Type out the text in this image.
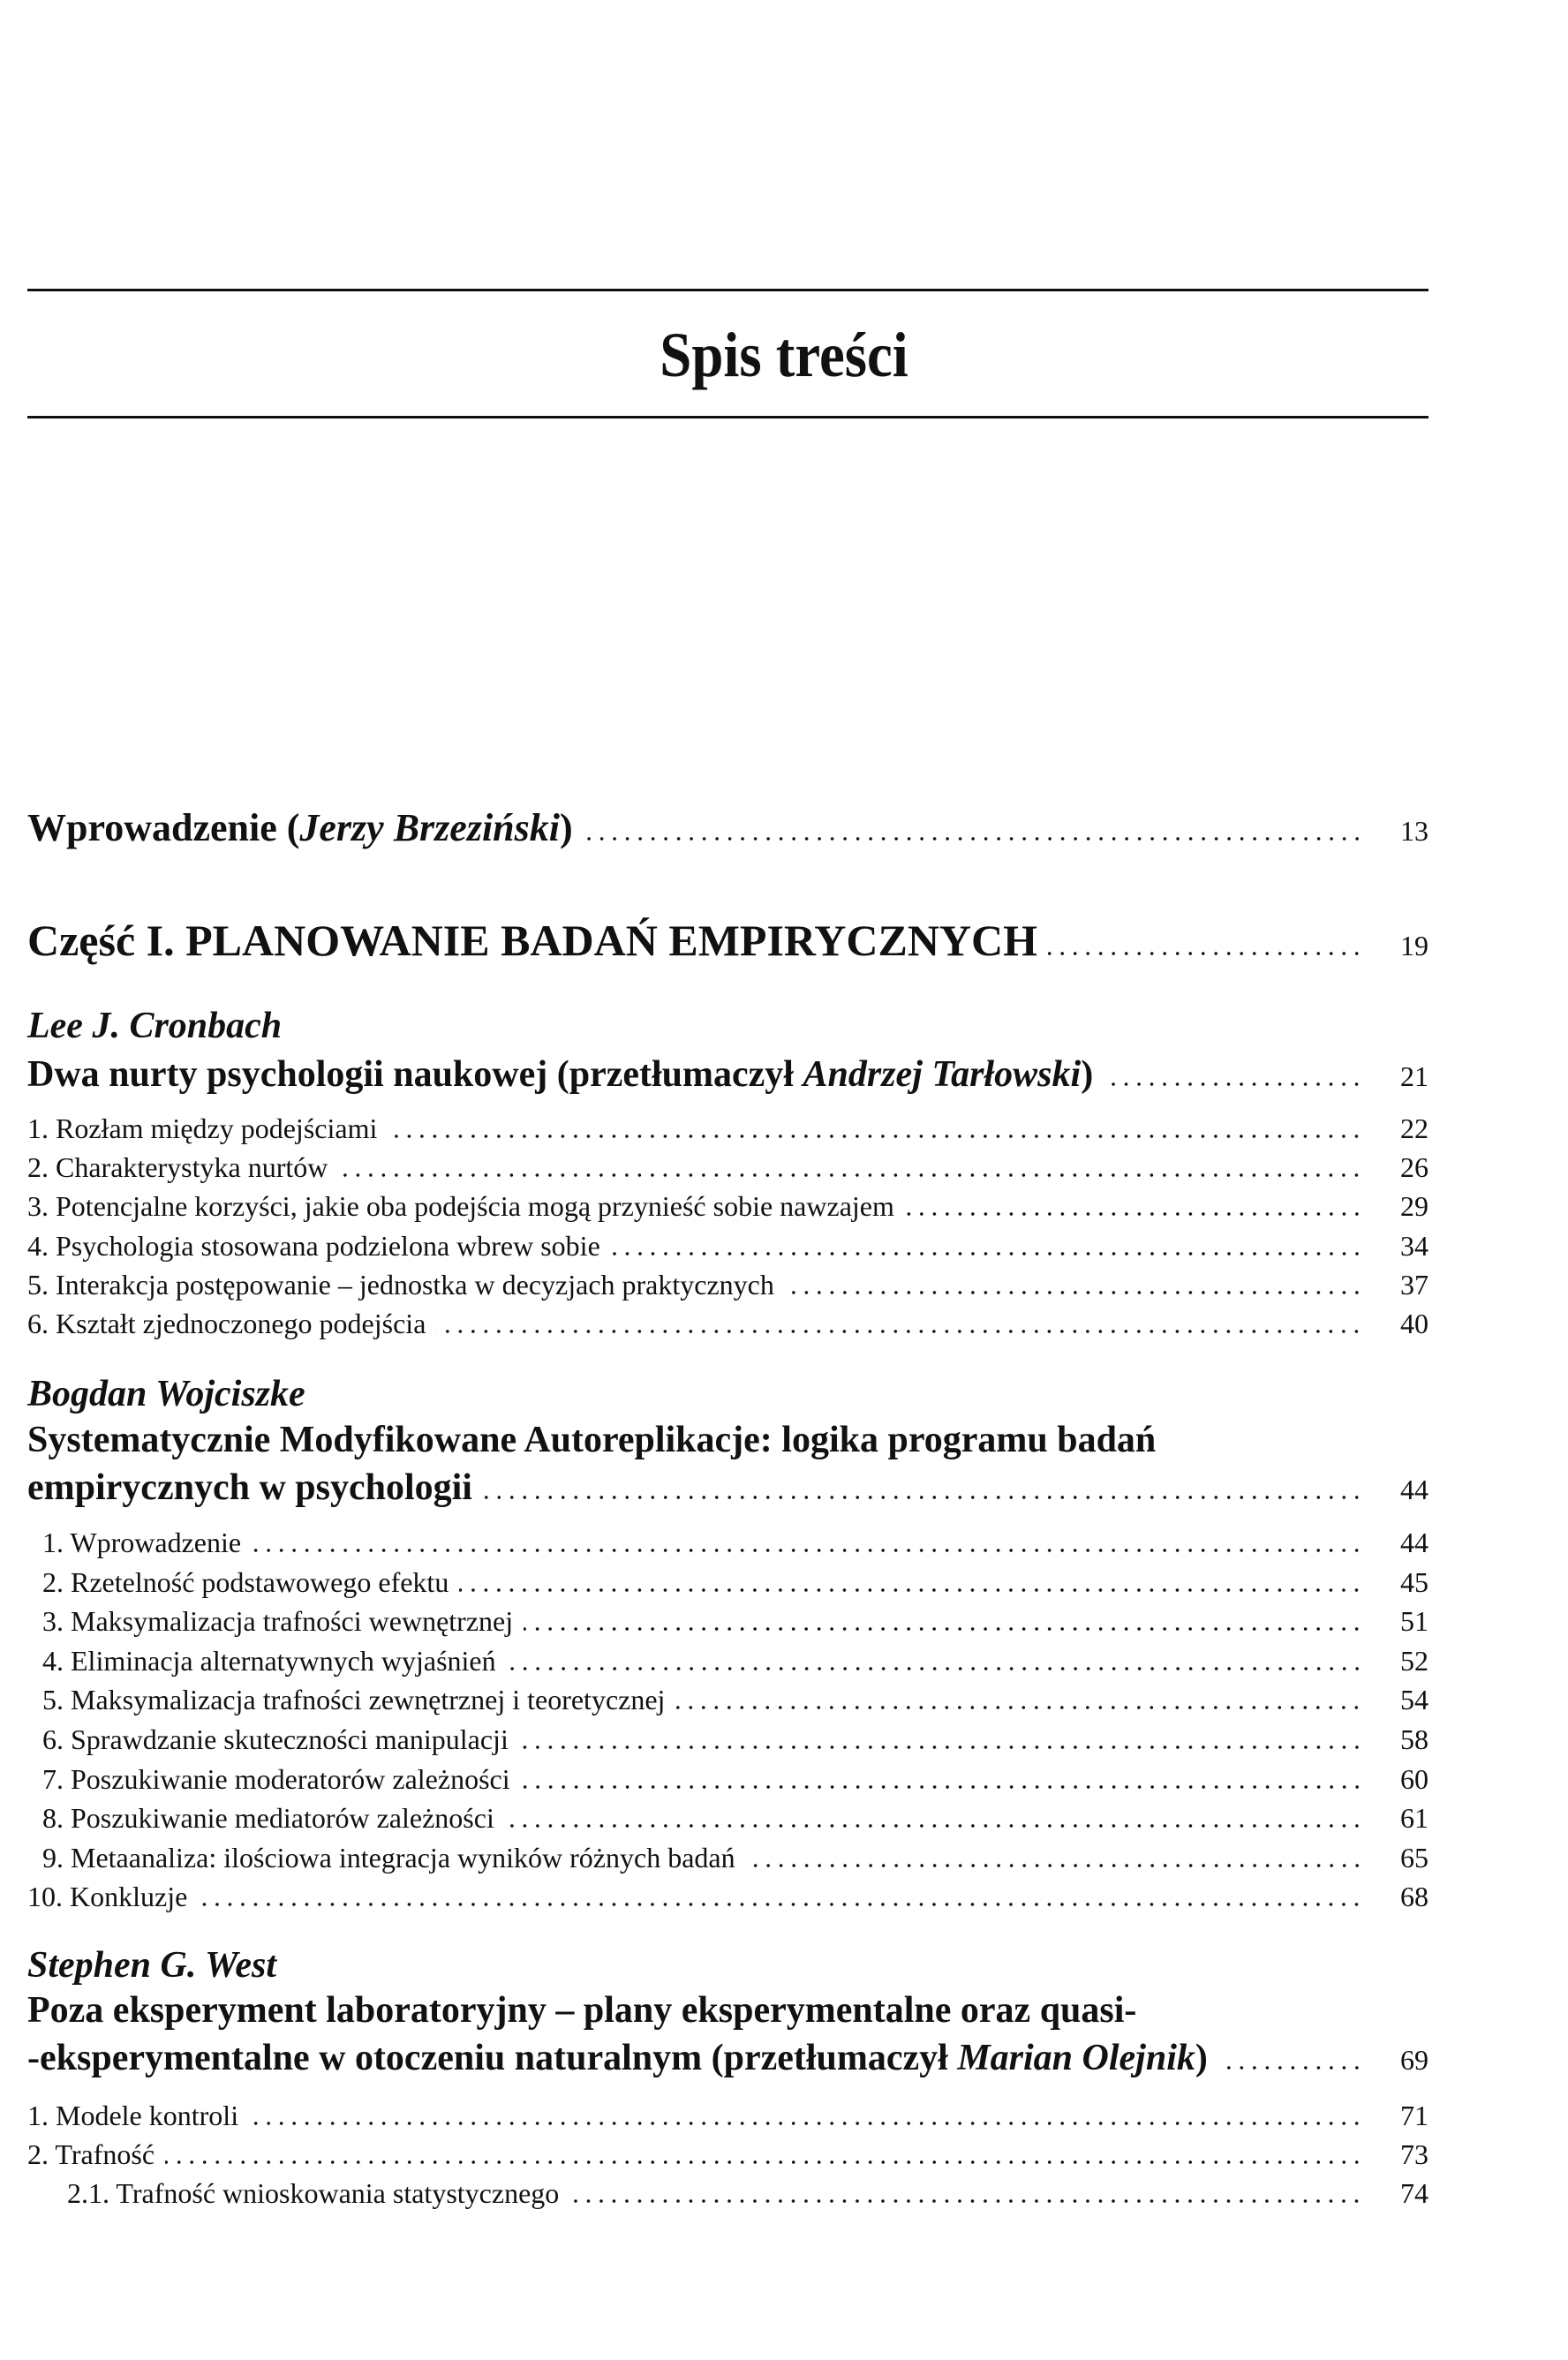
Spis treści
Wprowadzenie (Jerzy Brzeziński)	13
Część I. PLANOWANIE BADAŃ EMPIRYCZNYCH	19
Lee J. Cronbach
Dwa nurty psychologii naukowej (przetłumaczył Andrzej Tarłowski)	21
1. Rozłam między podejściami	22
2. Charakterystyka nurtów	26
3. Potencjalne korzyści, jakie oba podejścia mogą przynieść sobie nawzajem	29
4. Psychologia stosowana podzielona wbrew sobie	34
5. Interakcja postępowanie – jednostka w decyzjach praktycznych	37
6. Kształt zjednoczonego podejścia	40
Bogdan Wojciszke
Systematycznie Modyfikowane Autoreplikacje: logika programu badań
empirycznych w psychologii	44
1. Wprowadzenie	44
2. Rzetelność podstawowego efektu	45
3. Maksymalizacja trafności wewnętrznej	51
4. Eliminacja alternatywnych wyjaśnień	52
5. Maksymalizacja trafności zewnętrznej i teoretycznej	54
6. Sprawdzanie skuteczności manipulacji	58
7. Poszukiwanie moderatorów zależności	60
8. Poszukiwanie mediatorów zależności	61
9. Metaanaliza: ilościowa integracja wyników różnych badań	65
10. Konkluzje	68
Stephen G. West
Poza eksperyment laboratoryjny – plany eksperymentalne oraz quasi-
-eksperymentalne w otoczeniu naturalnym (przetłumaczył Marian Olejnik)	69
1. Modele kontroli	71
2. Trafność	73
2.1. Trafność wnioskowania statystycznego	74
